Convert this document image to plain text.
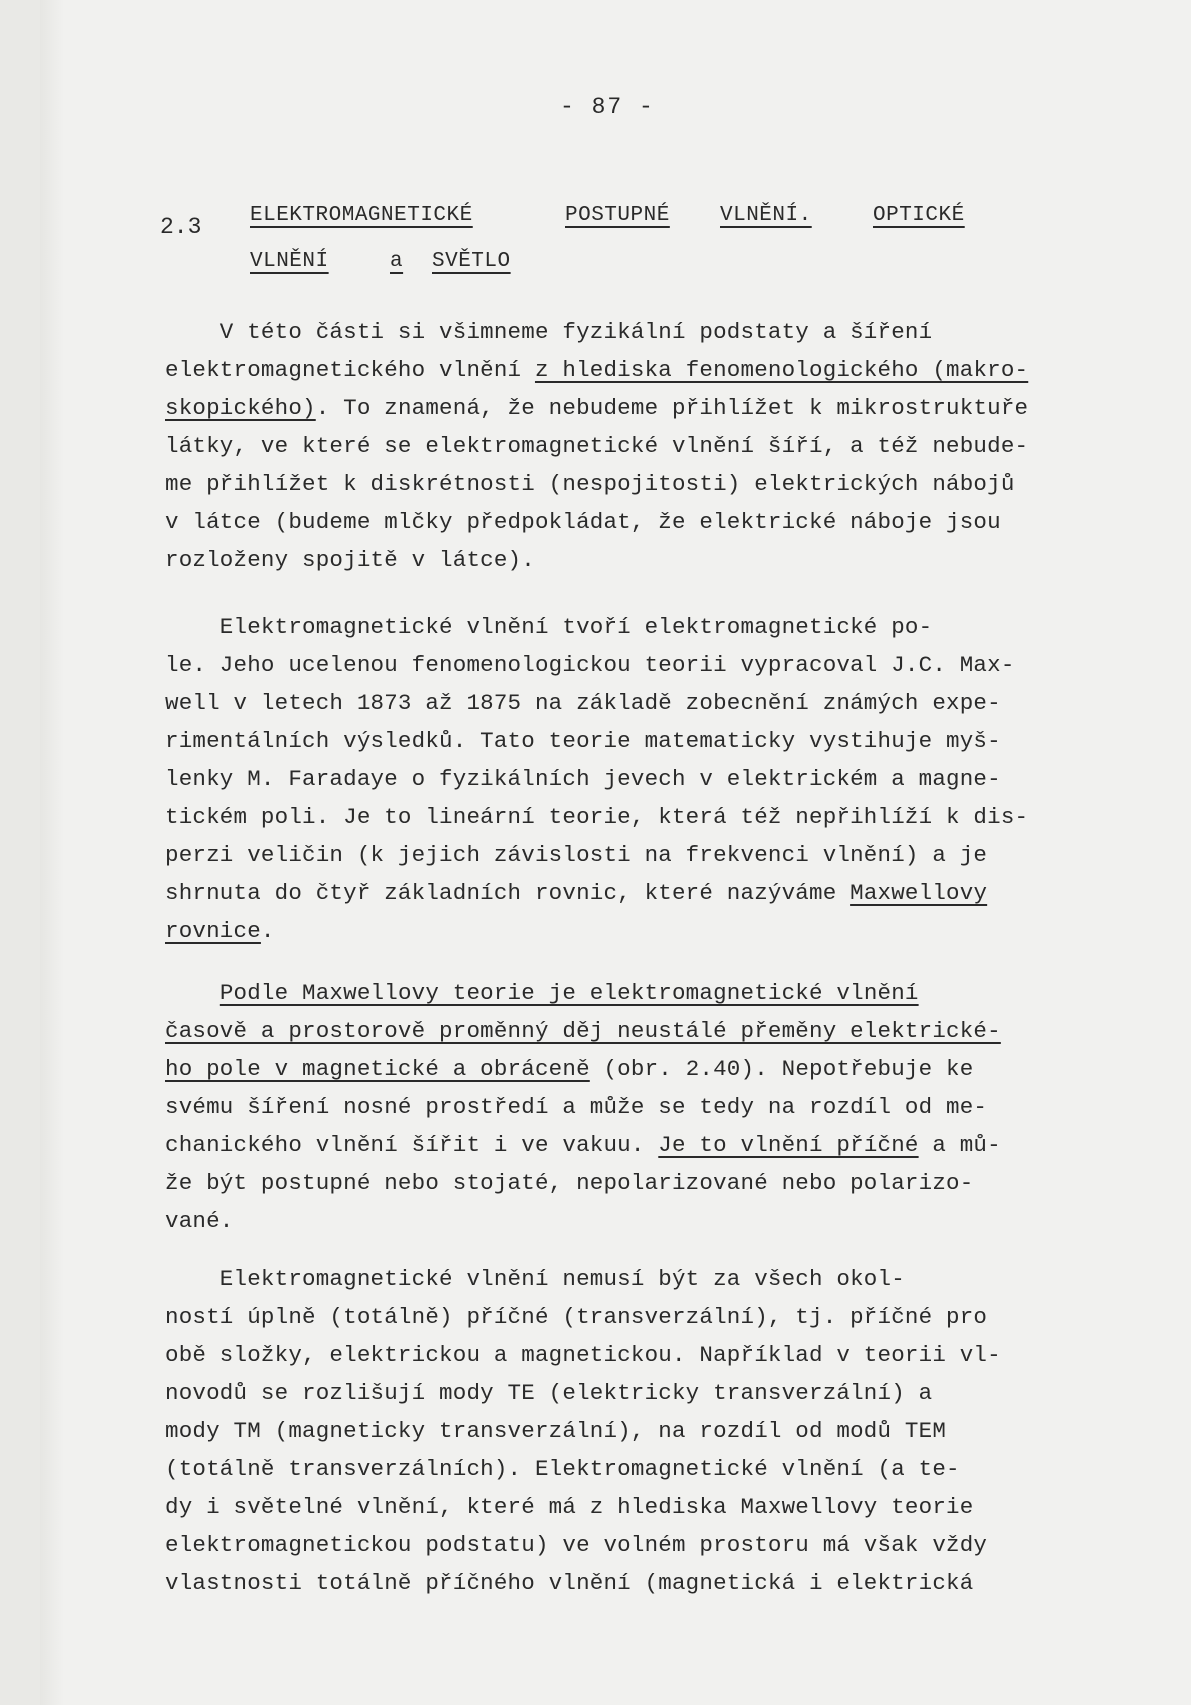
- 87 -
2.3 ELEKTROMAGNETICKÉ	POSTUPNÉ VLNĚNÍ.	OPTICKÉ
VLNĚNÍ	a SVĚTLO
V této části si všimneme fyzikální podstaty a šíření
elektromagnetického vlnění z hlediska fenomenologického (makro-
skopického). To znamená, že nebudeme přihlížet k mikrostruktuře
látky, ve které se elektromagnetické vlnění šíří, a též nebude-
me přihlížet k diskrétnosti (nespojitosti) elektrických nábojů
v látce (budeme mlčky předpokládat, že elektrické náboje jsou
rozloženy spojitě v látce).
Elektromagnetické vlnění tvoří elektromagnetické po-
le. Jeho ucelenou fenomenologickou teorii vypracoval J.C. Max-
well v letech 1873 až 1875 na základě zobecnění známých expe-
rimentálních výsledků. Tato teorie matematicky vystihuje myš-
lenky M. Faradaye o fyzikálních jevech v elektrickém a magne-
tickém poli. Je to lineární teorie, která též nepřihlíží k dis-
perzi veličin (k jejich závislosti na frekvenci vlnění) a je
shrnuta do čtyř základních rovnic, které nazýváme Maxwellovy
rovnice.
Podle Maxwellovy teorie je elektromagnetické vlnění
časově a prostorově proměnný děj neustálé přeměny elektrické-
ho pole v magnetické a obráceně (obr. 2.40). Nepotřebuje ke
svému šíření nosné prostředí a může se tedy na rozdíl od me-
chanického vlnění šířit i ve vakuu. Je to vlnění příčné a mů-
že být postupné nebo stojaté, nepolarizované nebo polarizo-
vané.
Elektromagnetické vlnění nemusí být za všech okol-
ností úplně (totálně) příčné (transverzální), tj. příčné pro
obě složky, elektrickou a magnetickou. Například v teorii vl-
novodů se rozlišují mody TE (elektricky transverzální) a
mody TM (magneticky transverzální), na rozdíl od modů TEM
(totálně transverzálních). Elektromagnetické vlnění (a te-
dy i světelné vlnění, které má z hlediska Maxwellovy teorie
elektromagnetickou podstatu) ve volném prostoru má však vždy
vlastnosti totálně příčného vlnění (magnetická i elektrická
